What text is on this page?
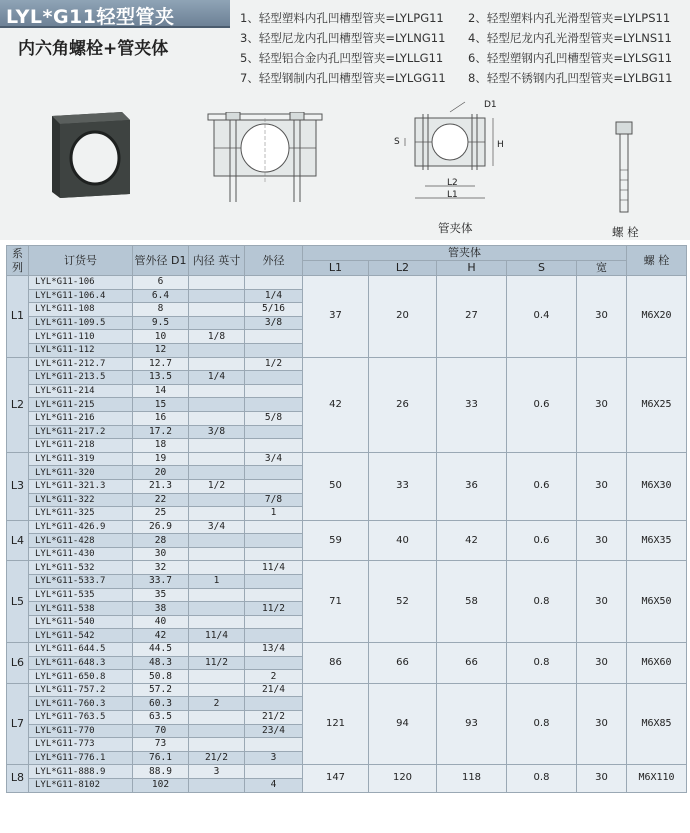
LYL*G11轻型管夹
内六角螺栓+管夹体
1、轻型塑料内孔凹槽型管夹=LYLPG11 2、轻型塑料内孔光滑型管夹=LYLPS11
3、轻型尼龙内孔凹槽型管夹=LYLNG11 4、轻型尼龙内孔光滑型管夹=LYLNS11
5、轻型铝合金内孔凹型管夹=LYLLG11 6、轻型塑钢内孔凹槽型管夹=LYLSG11
7、轻型钢制内孔凹槽型管夹=LYLGG11 8、轻型不锈钢内孔凹型管夹=LYLBG11
D1
S	H
L2
L1
管夹体	螺 栓
系列	订货号	管外径 D1	内径 英寸	外径	管夹体					螺 栓
					L1	L2	H	S	宽	
L1	LYL*G11-106	6			37	20	27	0.4	30	M6X20
	LYL*G11-106.4	6.4		1/4						
	LYL*G11-108	8		5/16						
	LYL*G11-109.5	9.5		3/8						
	LYL*G11-110	10	1/8							
	LYL*G11-112	12								
L2	LYL*G11-212.7	12.7		1/2	42	26	33	0.6	30	M6X25
	LYL*G11-213.5	13.5	1/4							
	LYL*G11-214	14								
	LYL*G11-215	15								
	LYL*G11-216	16		5/8						
	LYL*G11-217.2	17.2	3/8							
	LYL*G11-218	18								
L3	LYL*G11-319	19		3/4	50	33	36	0.6	30	M6X30
	LYL*G11-320	20								
	LYL*G11-321.3	21.3	1/2							
	LYL*G11-322	22		7/8						
	LYL*G11-325	25		1						
L4	LYL*G11-426.9	26.9	3/4		59	40	42	0.6	30	M6X35
	LYL*G11-428	28								
	LYL*G11-430	30								
L5	LYL*G11-532	32		11/4	71	52	58	0.8	30	M6X50
	LYL*G11-533.7	33.7	1							
	LYL*G11-535	35								
	LYL*G11-538	38		11/2						
	LYL*G11-540	40								
	LYL*G11-542	42	11/4							
L6	LYL*G11-644.5	44.5		13/4	86	66	66	0.8	30	M6X60
	LYL*G11-648.3	48.3	11/2							
	LYL*G11-650.8	50.8		2						
L7	LYL*G11-757.2	57.2		21/4	121	94	93	0.8	30	M6X85
	LYL*G11-760.3	60.3	2							
	LYL*G11-763.5	63.5		21/2						
	LYL*G11-770	70		23/4						
	LYL*G11-773	73								
	LYL*G11-776.1	76.1	21/2	3						
L8	LYL*G11-888.9	88.9	3		147	120	118	0.8	30	M6X110
	LYL*G11-8102	102		4						
